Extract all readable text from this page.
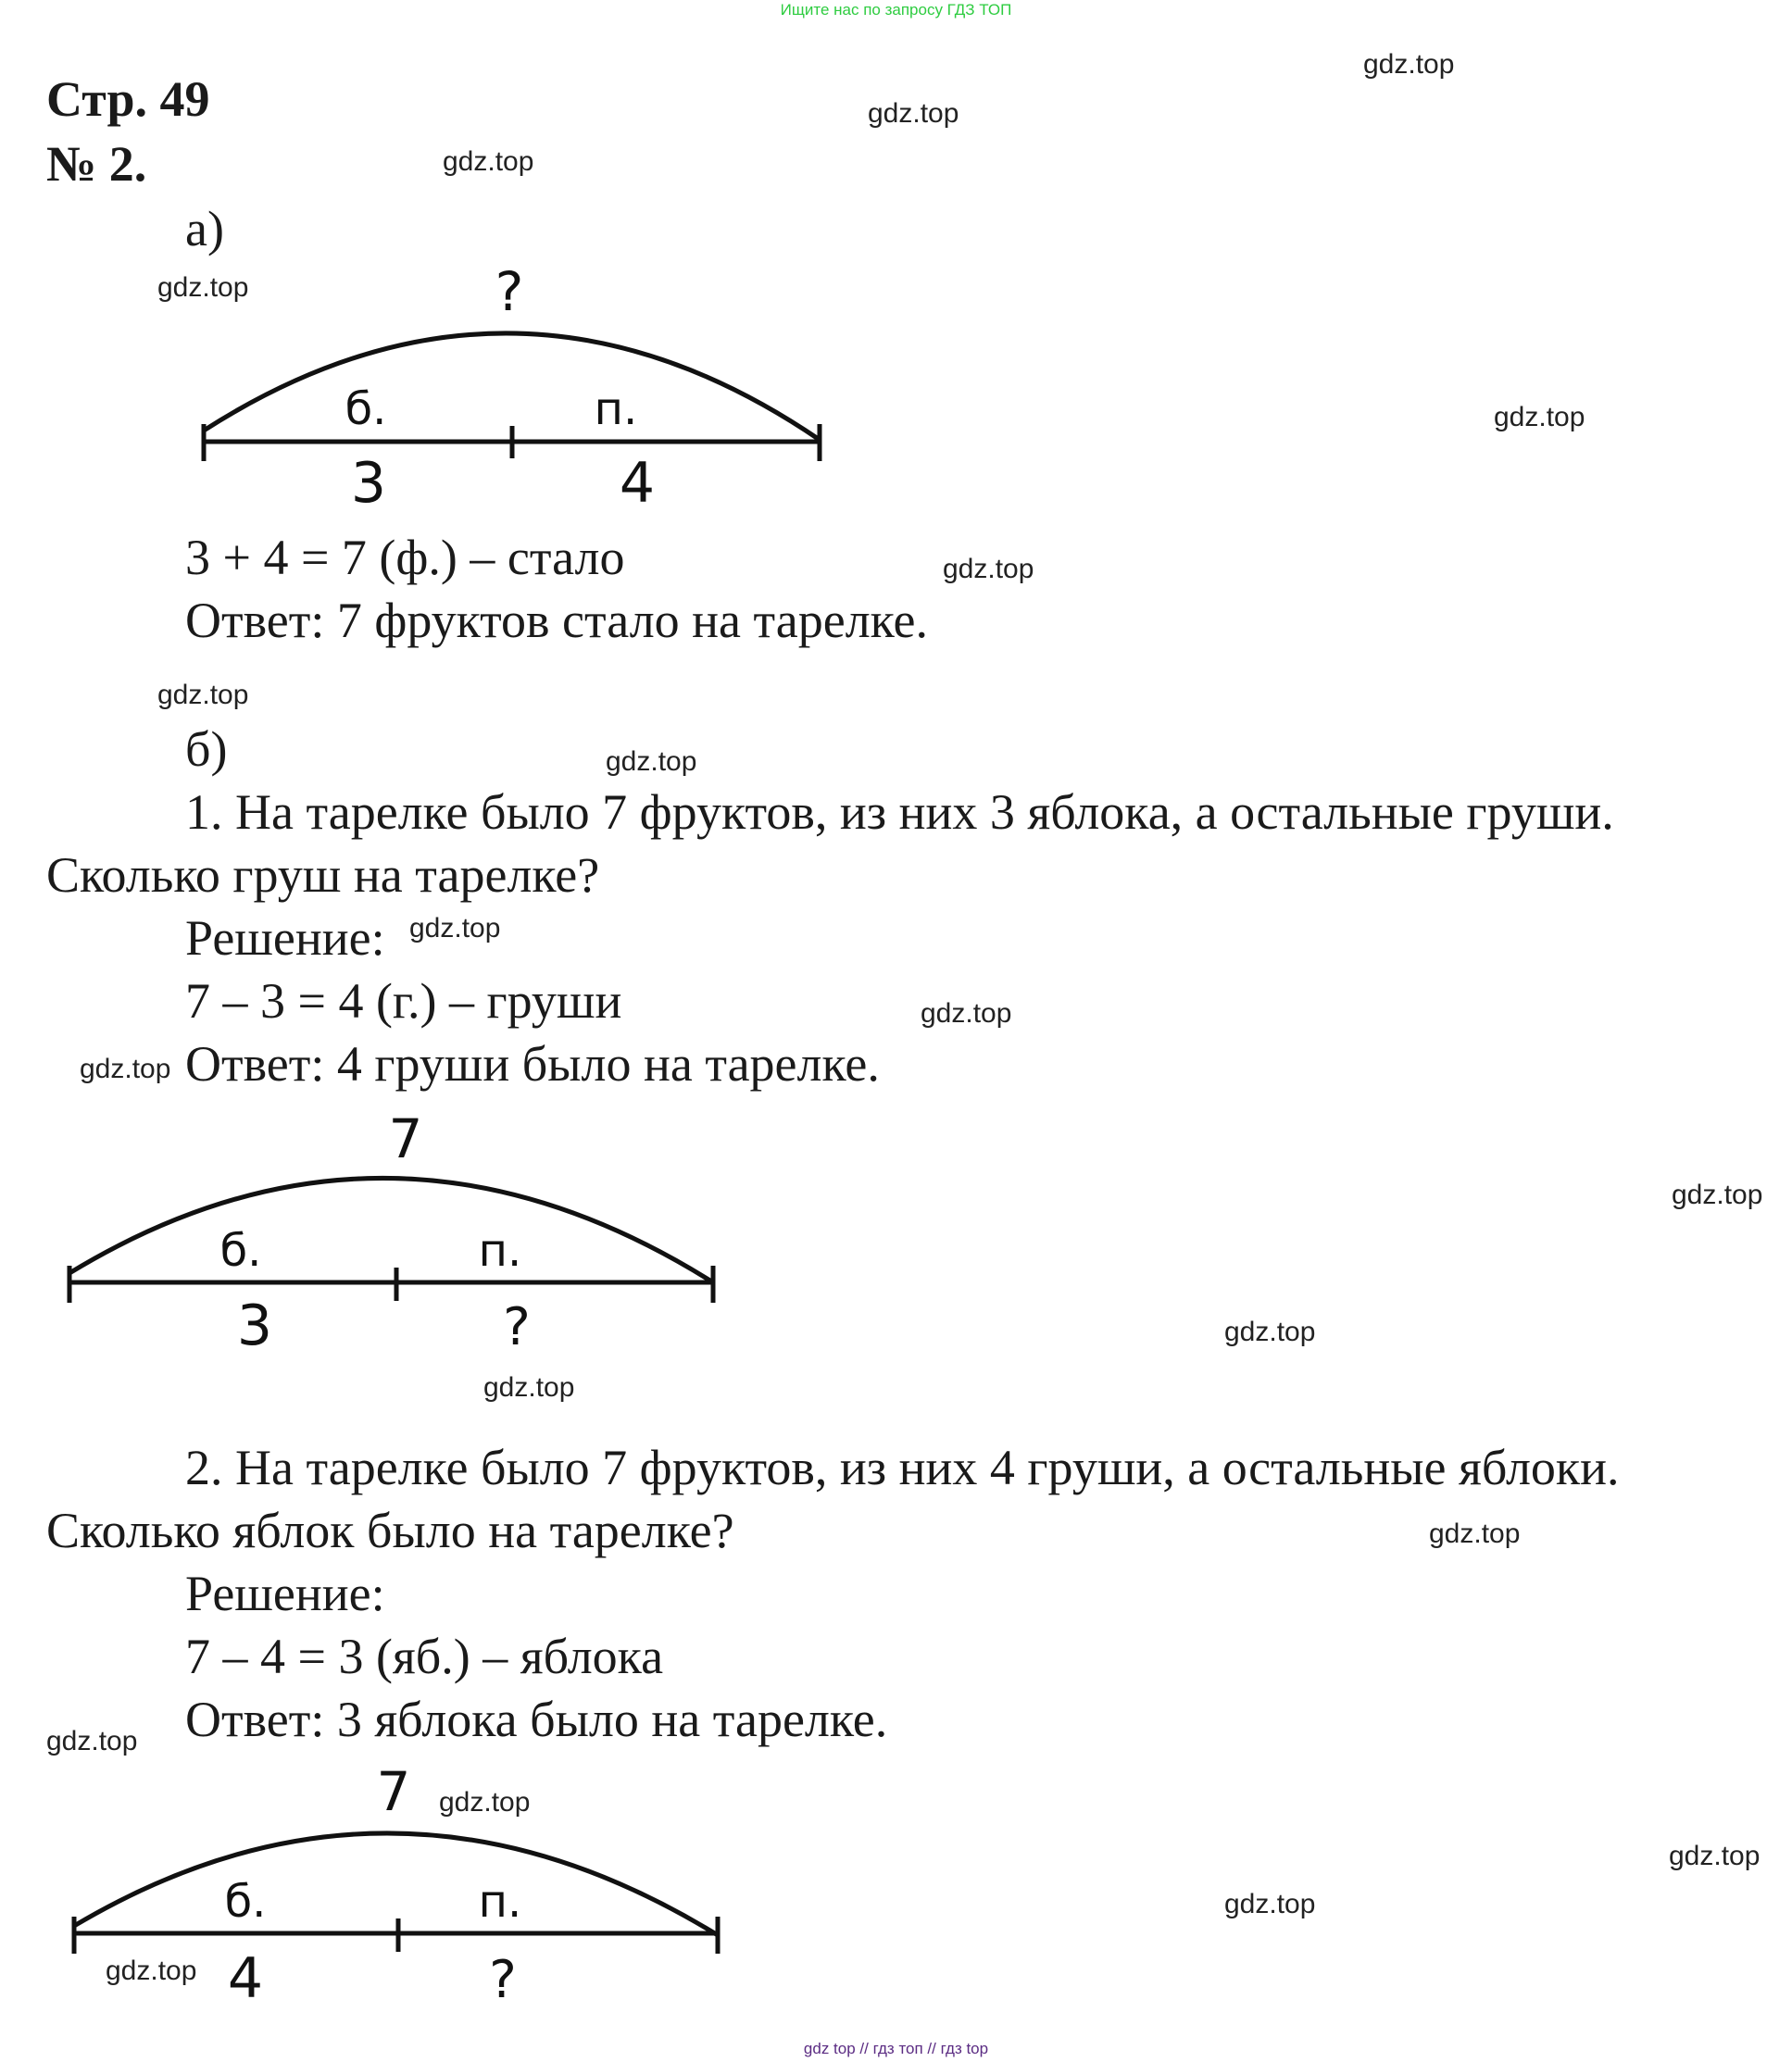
Ищите нас по запросу ГДЗ ТОП
Стр. 49
№ 2.
а)
?
б.	п.
3	4
3 + 4 = 7 (ф.) – стало
Ответ: 7 фруктов стало на тарелке.
б)
1. На тарелке было 7 фруктов, из них 3 яблока, а остальные груши.
Сколько груш на тарелке?
Решение:
7 – 3 = 4 (г.) – груши
Ответ: 4 груши было на тарелке.
7
б.	п.
3	?
2. На тарелке было 7 фруктов, из них 4 груши, а остальные яблоки.
Сколько яблок было на тарелке?
Решение:
7 – 4 = 3 (яб.) – яблока
Ответ: 3 яблока было на тарелке.
7
б.	п.
4	?
gdz.top
gdz.top
gdz.top
gdz.top
gdz.top
gdz.top
gdz.top
gdz.top
gdz.top
gdz.top
gdz.top
gdz.top
gdz.top
gdz.top
gdz.top
gdz.top
gdz.top
gdz.top
gdz.top
gdz.top
gdz top // гдз топ // гдз top
